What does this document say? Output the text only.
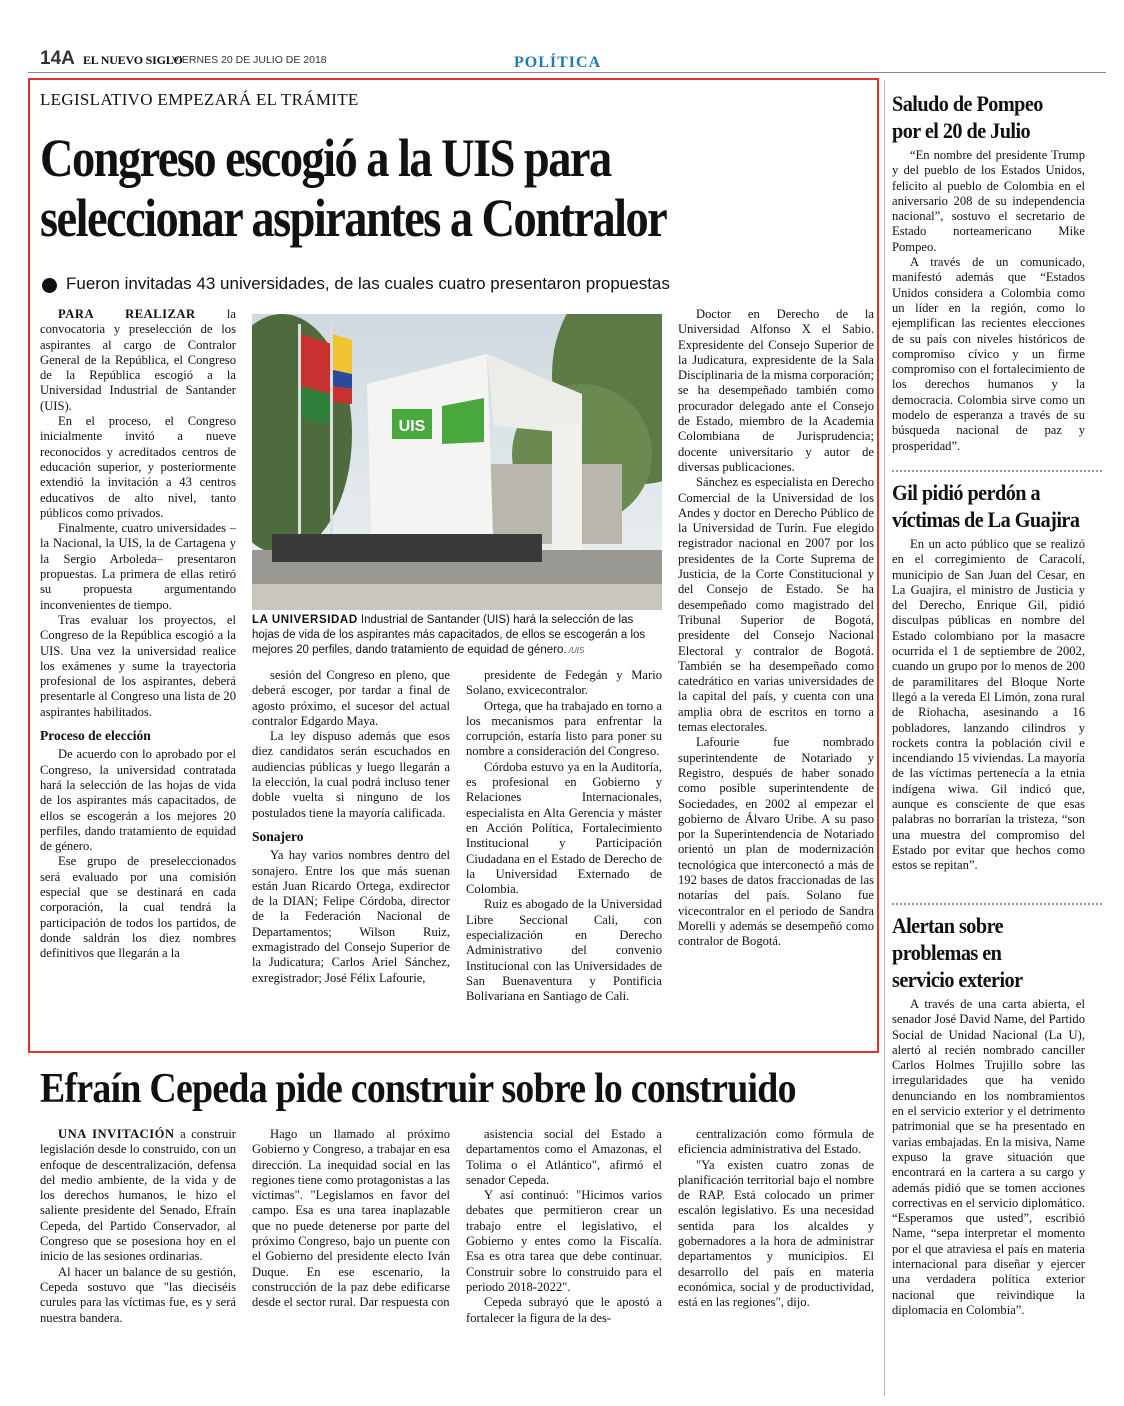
14A EL NUEVO SIGLO
VIERNES 20 DE JULIO DE 2018	POLÍTICA
LEGISLATIVO EMPEZARÁ EL TRÁMITE
Congreso escogió a la UIS para
seleccionar aspirantes a Contralor
Fueron invitadas 43 universidades, de las cuales cuatro presentaron propuestas

PARA REALIZAR la convocatoria y preselección de los aspirantes al cargo de Contralor General de la República, el Congreso de la República escogió a la Universidad Industrial de Santander (UIS).

En el proceso, el Congreso inicialmente invitó a nueve reconocidos y acreditados centros de educación superior, y posteriormente extendió la invitación a 43 centros educativos de alto nivel, tanto públicos como privados.

Finalmente, cuatro universidades –la Nacional, la UIS, la de Cartagena y la Sergio Arboleda– presentaron propuestas. La primera de ellas retiró su propuesta argumentando inconvenientes de tiempo.

Tras evaluar los proyectos, el Congreso de la República escogió a la UIS. Una vez la universidad realice los exámenes y sume la trayectoria profesional de los aspirantes, deberá presentarle al Congreso una lista de 20 aspirantes habilitados.

Proceso de elección

De acuerdo con lo aprobado por el Congreso, la universidad contratada hará la selección de las hojas de vida de los aspirantes más capacitados, de ellos se escogerán a los mejores 20 perfiles, dando tratamiento de equidad de género.

Ese grupo de preseleccionados será evaluado por una comisión especial que se destinará en cada corporación, la cual tendrá la participación de todos los partidos, de donde saldrán los diez nombres definitivos que llegarán a la

UIS
LA UNIVERSIDAD Industrial de Santander (UIS) hará la selección de las hojas de vida de los aspirantes más capacitados, de ellos se escogerán a los mejores 20 perfiles, dando tratamiento de equidad de género. /UIS

sesión del Congreso en pleno, que deberá escoger, por tardar a final de agosto próximo, el sucesor del actual contralor Edgardo Maya.

La ley dispuso además que esos diez candidatos serán escuchados en audiencias públicas y luego llegarán a la elección, la cual podrá incluso tener doble vuelta si ninguno de los postulados tiene la mayoría calificada.

Sonajero

Ya hay varios nombres dentro del sonajero. Entre los que más suenan están Juan Ricardo Ortega, exdirector de la DIAN; Felipe Córdoba, director de la Federación Nacional de Departamentos; Wilson Ruiz, exmagistrado del Consejo Superior de la Judicatura; Carlos Ariel Sánchez, exregistrador; José Félix Lafourie,

presidente de Fedegán y Mario Solano, exvicecontralor.

Ortega, que ha trabajado en torno a los mecanismos para enfrentar la corrupción, estaría listo para poner su nombre a consideración del Congreso.

Córdoba estuvo ya en la Auditoría, es profesional en Gobierno y Relaciones Internacionales, especialista en Alta Gerencia y máster en Acción Política, Fortalecimiento Institucional y Participación Ciudadana en el Estado de Derecho de la Universidad Externado de Colombia.

Ruiz es abogado de la Universidad Libre Seccional Cali, con especialización en Derecho Administrativo del convenio Institucional con las Universidades de San Buenaventura y Pontificia Bolivariana en Santiago de Cali.

Doctor en Derecho de la Universidad Alfonso X el Sabio. Expresidente del Consejo Superior de la Judicatura, expresidente de la Sala Disciplinaria de la misma corporación; se ha desempeñado también como procurador delegado ante el Consejo de Estado, miembro de la Academia Colombiana de Jurisprudencia; docente universitario y autor de diversas publicaciones.

Sánchez es especialista en Derecho Comercial de la Universidad de los Andes y doctor en Derecho Público de la Universidad de Turín. Fue elegido registrador nacional en 2007 por los presidentes de la Corte Suprema de Justicia, de la Corte Constitucional y del Consejo de Estado. Se ha desempeñado como magistrado del Tribunal Superior de Bogotá, presidente del Consejo Nacional Electoral y contralor de Bogotá. También se ha desempeñado como catedrático en varias universidades de la capital del país, y cuenta con una amplia obra de escritos en torno a temas electorales.

Lafourie fue nombrado superintendente de Notariado y Registro, después de haber sonado como posible superintendente de Sociedades, en 2002 al empezar el gobierno de Álvaro Uribe. A su paso por la Superintendencia de Notariado orientó un plan de modernización tecnológica que interconectó a más de 192 bases de datos fraccionadas de las notarías del país. Solano fue vicecontralor en el periodo de Sandra Morelli y además se desempeñó como contralor de Bogotá.

Efraín Cepeda pide construir sobre lo construido

UNA INVITACIÓN a construir legislación desde lo construido, con un enfoque de descentralización, defensa del medio ambiente, de la vida y de los derechos humanos, le hizo el saliente presidente del Senado, Efraín Cepeda, del Partido Conservador, al Congreso que se posesiona hoy en el inicio de las sesiones ordinarias.

Al hacer un balance de su gestión, Cepeda sostuvo que "las dieciséis curules para las víctimas fue, es y será nuestra bandera.

Hago un llamado al próximo Gobierno y Congreso, a trabajar en esa dirección. La inequidad social en las regiones tiene como protagonistas a las víctimas". "Legislamos en favor del campo. Esa es una tarea inaplazable que no puede detenerse por parte del próximo Congreso, bajo un puente con el Gobierno del presidente electo Iván Duque. En ese escenario, la construcción de la paz debe edificarse desde el sector rural. Dar respuesta con

asistencia social del Estado a departamentos como el Amazonas, el Tolima o el Atlántico", afirmó el senador Cepeda.

Y así continuó: "Hicimos varios debates que permitieron crear un trabajo entre el legislativo, el Gobierno y entes como la Fiscalía. Esa es otra tarea que debe continuar. Construir sobre lo construido para el periodo 2018-2022".

Cepeda subrayó que le apostó a fortalecer la figura de la des-

centralización como fórmula de eficiencia administrativa del Estado.

"Ya existen cuatro zonas de planificación territorial bajo el nombre de RAP. Está colocado un primer escalón legislativo. Es una necesidad sentida para los alcaldes y gobernadores a la hora de administrar departamentos y municipios. El desarrollo del país en materia económica, social y de productividad, está en las regiones", dijo.

Saludo de Pompeo
por el 20 de Julio

“En nombre del presidente Trump y del pueblo de los Estados Unidos, felicito al pueblo de Colombia en el aniversario 208 de su independencia nacional”, sostuvo el secretario de Estado norteamericano Mike Pompeo.

A través de un comunicado, manifestó además que “Estados Unidos considera a Colombia como un líder en la región, como lo ejemplifican las recientes elecciones de su país con niveles históricos de compromiso cívico y un firme compromiso con el fortalecimiento de los derechos humanos y la democracia. Colombia sirve como un modelo de esperanza a través de su búsqueda nacional de paz y prosperidad”.

Gil pidió perdón a
víctimas de La Guajira

En un acto público que se realizó en el corregimiento de Caracolí, municipio de San Juan del Cesar, en La Guajira, el ministro de Justicia y del Derecho, Enrique Gil, pidió disculpas públicas en nombre del Estado colombiano por la masacre ocurrida el 1 de septiembre de 2002, cuando un grupo por lo menos de 200 de paramilitares del Bloque Norte llegó a la vereda El Limón, zona rural de Riohacha, asesinando a 16 pobladores, lanzando cilindros y rockets contra la población civil e incendiando 15 viviendas. La mayoría de las víctimas pertenecía a la etnia indígena wiwa. Gil indicó que, aunque es consciente de que esas palabras no borrarían la tristeza, “son una muestra del compromiso del Estado por evitar que hechos como estos se repitan”.

Alertan sobre
problemas en
servicio exterior

A través de una carta abierta, el senador José David Name, del Partido Social de Unidad Nacional (La U), alertó al recién nombrado canciller Carlos Holmes Trujillo sobre las irregularidades que ha venido denunciando en los nombramientos en el servicio exterior y el detrimento patrimonial que se ha presentado en varias embajadas. En la misiva, Name expuso la grave situación que encontrará en la cartera a su cargo y además pidió que se tomen acciones correctivas en el servicio diplomático. “Esperamos que usted”, escribió Name, “sepa interpretar el momento por el que atraviesa el país en materia internacional para diseñar y ejercer una verdadera política exterior nacional que reivindique la diplomacia en Colombia”.
